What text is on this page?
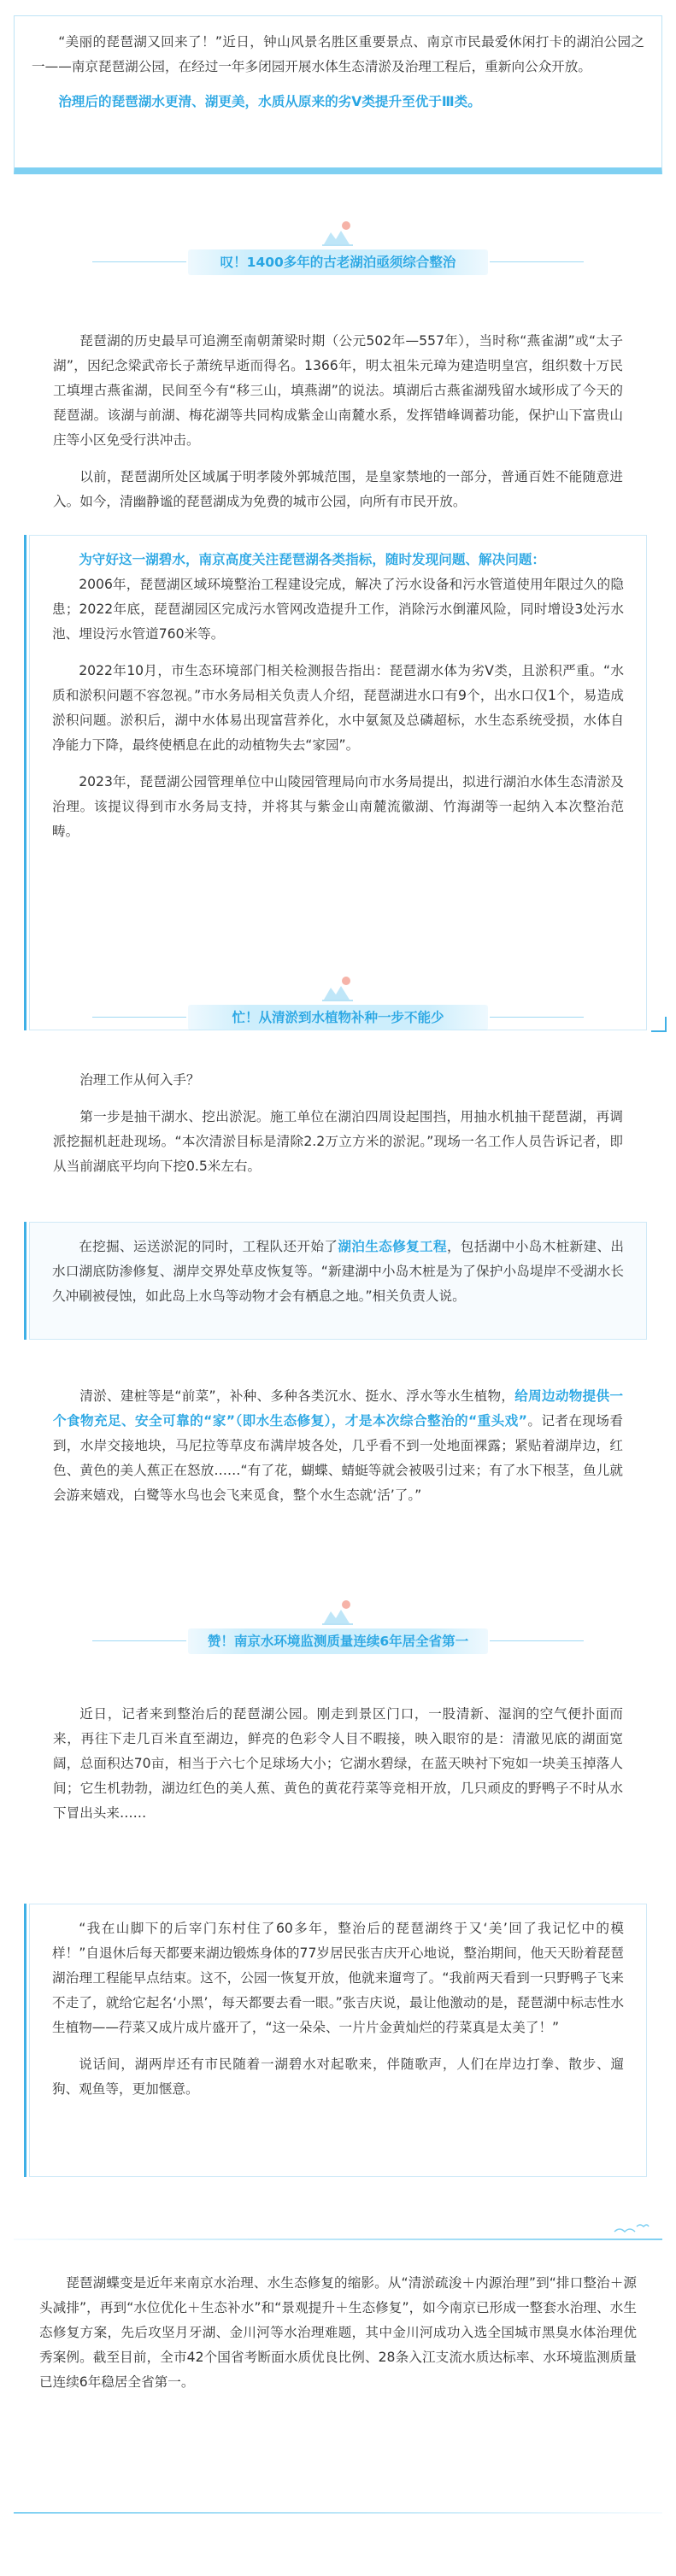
“美丽的琵琶湖又回来了！”近日，钟山风景名胜区重要景点、南京市民最爱休闲打卡的湖泊公园之一——南京琵琶湖公园，在经过一年多闭园开展水体生态清淤及治理工程后，重新向公众开放。

治理后的琵琶湖水更清、湖更美，水质从原来的劣Ⅴ类提升至优于Ⅲ类。

叹！1400多年的古老湖泊亟须综合整治

琵琶湖的历史最早可追溯至南朝萧梁时期（公元502年—557年），当时称“燕雀湖”或“太子湖”，因纪念梁武帝长子萧统早逝而得名。1366年，明太祖朱元璋为建造明皇宫，组织数十万民工填埋古燕雀湖，民间至今有“移三山，填燕湖”的说法。填湖后古燕雀湖残留水域形成了今天的琵琶湖。该湖与前湖、梅花湖等共同构成紫金山南麓水系，发挥错峰调蓄功能，保护山下富贵山庄等小区免受行洪冲击。

以前，琵琶湖所处区域属于明孝陵外郭城范围，是皇家禁地的一部分，普通百姓不能随意进入。如今，清幽静谧的琵琶湖成为免费的城市公园，向所有市民开放。

为守好这一湖碧水，南京高度关注琵琶湖各类指标，随时发现问题、解决问题：

2006年，琵琶湖区域环境整治工程建设完成，解决了污水设备和污水管道使用年限过久的隐患；2022年底，琵琶湖园区完成污水管网改造提升工作，消除污水倒灌风险，同时增设3处污水池、埋设污水管道760米等。

2022年10月，市生态环境部门相关检测报告指出：琵琶湖水体为劣Ⅴ类，且淤积严重。“水质和淤积问题不容忽视。”市水务局相关负责人介绍，琵琶湖进水口有9个，出水口仅1个，易造成淤积问题。淤积后，湖中水体易出现富营养化，水中氨氮及总磷超标，水生态系统受损，水体自净能力下降，最终使栖息在此的动植物失去“家园”。

2023年，琵琶湖公园管理单位中山陵园管理局向市水务局提出，拟进行湖泊水体生态清淤及治理。该提议得到市水务局支持，并将其与紫金山南麓流徽湖、竹海湖等一起纳入本次整治范畴。

忙！从清淤到水植物补种一步不能少

治理工作从何入手？

第一步是抽干湖水、挖出淤泥。施工单位在湖泊四周设起围挡，用抽水机抽干琵琶湖，再调派挖掘机赶赴现场。“本次清淤目标是清除2.2万立方米的淤泥。”现场一名工作人员告诉记者，即从当前湖底平均向下挖0.5米左右。

在挖掘、运送淤泥的同时，工程队还开始了湖泊生态修复工程，包括湖中小岛木桩新建、出水口湖底防渗修复、湖岸交界处草皮恢复等。“新建湖中小岛木桩是为了保护小岛堤岸不受湖水长久冲刷被侵蚀，如此岛上水鸟等动物才会有栖息之地。”相关负责人说。

清淤、建桩等是“前菜”，补种、多种各类沉水、挺水、浮水等水生植物，给周边动物提供一个食物充足、安全可靠的“家”（即水生态修复），才是本次综合整治的“重头戏”。记者在现场看到，水岸交接地块，马尼拉等草皮布满岸坡各处，几乎看不到一处地面裸露；紧贴着湖岸边，红色、黄色的美人蕉正在怒放……“有了花，蝴蝶、蜻蜓等就会被吸引过来；有了水下根茎，鱼儿就会游来嬉戏，白鹭等水鸟也会飞来觅食，整个水生态就‘活’了。”

赞！南京水环境监测质量连续6年居全省第一

近日，记者来到整治后的琵琶湖公园。刚走到景区门口，一股清新、湿润的空气便扑面而来，再往下走几百米直至湖边，鲜亮的色彩令人目不暇接，映入眼帘的是：清澈见底的湖面宽阔，总面积达70亩，相当于六七个足球场大小；它湖水碧绿，在蓝天映衬下宛如一块美玉掉落人间；它生机勃勃，湖边红色的美人蕉、黄色的黄花荇菜等竞相开放，几只顽皮的野鸭子不时从水下冒出头来……

“我在山脚下的后宰门东村住了60多年，整治后的琵琶湖终于又‘美’回了我记忆中的模样！”自退休后每天都要来湖边锻炼身体的77岁居民张吉庆开心地说，整治期间，他天天盼着琵琶湖治理工程能早点结束。这不，公园一恢复开放，他就来遛弯了。“我前两天看到一只野鸭子飞来不走了，就给它起名‘小黑’，每天都要去看一眼。”张吉庆说，最让他激动的是，琵琶湖中标志性水生植物——荇菜又成片成片盛开了，“这一朵朵、一片片金黄灿烂的荇菜真是太美了！”

说话间，湖两岸还有市民随着一湖碧水对起歌来，伴随歌声，人们在岸边打拳、散步、遛狗、观鱼等，更加惬意。

琵琶湖蝶变是近年来南京水治理、水生态修复的缩影。从“清淤疏浚＋内源治理”到“排口整治＋源头减排”，再到“水位优化＋生态补水”和“景观提升＋生态修复”，如今南京已形成一整套水治理、水生态修复方案，先后攻坚月牙湖、金川河等水治理难题，其中金川河成功入选全国城市黑臭水体治理优秀案例。截至目前，全市42个国省考断面水质优良比例、28条入江支流水质达标率、水环境监测质量已连续6年稳居全省第一。
